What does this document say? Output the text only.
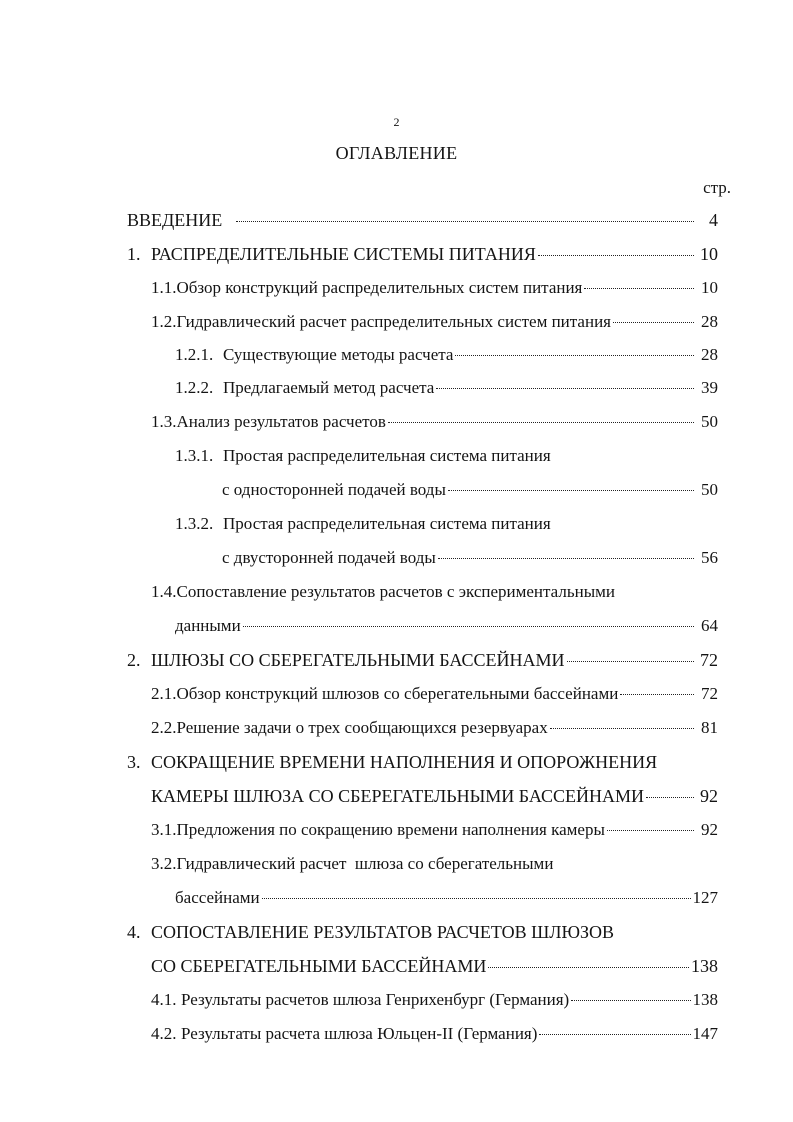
2
ОГЛАВЛЕНИЕ
стр.
ВВЕДЕНИЕ	4
1. РАСПРЕДЕЛИТЕЛЬНЫЕ СИСТЕМЫ ПИТАНИЯ	10
1.1. Обзор конструкций распределительных систем питания	10
1.2. Гидравлический расчет распределительных систем питания	28
1.2.1. Существующие методы расчета	28
1.2.2. Предлагаемый метод расчета	39
1.3. Анализ результатов расчетов	50
1.3.1. Простая распределительная система питания
с односторонней подачей воды	50
1.3.2. Простая распределительная система питания
с двусторонней подачей воды	56
1.4.Сопоставление результатов расчетов с экспериментальными
данными	64
2. ШЛЮЗЫ СО СБЕРЕГАТЕЛЬНЫМИ БАССЕЙНАМИ	72
2.1. Обзор конструкций шлюзов со сберегательными бассейнами	72
2.2. Решение задачи о трех сообщающихся резервуарах	81
3. СОКРАЩЕНИЕ ВРЕМЕНИ НАПОЛНЕНИЯ И ОПОРОЖНЕНИЯ
КАМЕРЫ ШЛЮЗА СО СБЕРЕГАТЕЛЬНЫМИ БАССЕЙНАМИ	92
3.1. Предложения по сокращению времени наполнения камеры	92
3.2.Гидравлический расчет  шлюза со сберегательными
бассейнами	127
4. СОПОСТАВЛЕНИЕ РЕЗУЛЬТАТОВ РАСЧЕТОВ ШЛЮЗОВ
СО СБЕРЕГАТЕЛЬНЫМИ БАССЕЙНАМИ	138
4.1. Результаты расчетов шлюза Генрихенбург (Германия)	138
4.2. Результаты расчета шлюза Юльцен-II (Германия)	147
